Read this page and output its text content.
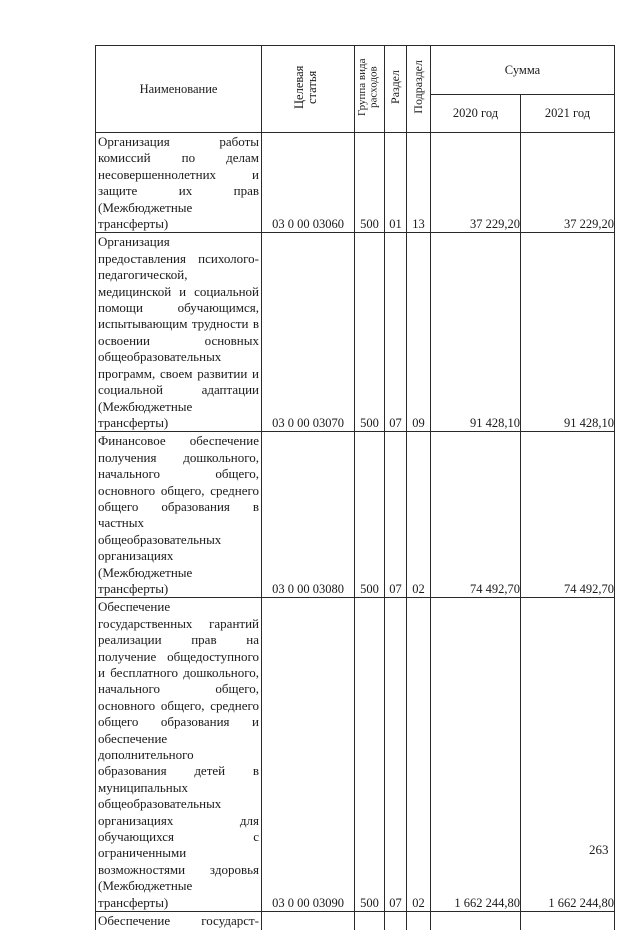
Наименование	Целевая статья	Группа вида расходов	Раздел	Подраздел	Сумма	
					2020 год	2021 год

Организация работы комиссий по делам несовершеннолетних и защите их прав (Межбюджетные трансферты)	03 0 00 03060	500	01	13	37 229,20	37 229,20

Организация предоставления психолого-педагогической, медицинской и социальной помощи обучающимся, испытывающим трудности в освоении основных общеобразовательных программ, своем развитии и социальной адаптации (Межбюджетные трансферты)	03 0 00 03070	500	07	09	91 428,10	91 428,10

Финансовое обеспечение получения дошкольного, начального общего, основного общего, среднего общего образования в частных общеобразовательных организациях (Межбюджетные трансферты)	03 0 00 03080	500	07	02	74 492,70	74 492,70

Обеспечение государственных гарантий реализации прав на получение общедоступного и бесплатного дошкольного, начального общего, основного общего, среднего общего образования и обеспечение дополнительного образования детей в муниципальных общеобразовательных организациях для обучающихся с ограниченными возможностями здоровья (Межбюджетные трансферты)	03 0 00 03090	500	07	02	1 662 244,80	1 662 244,80

Обеспечение государст-						

263
